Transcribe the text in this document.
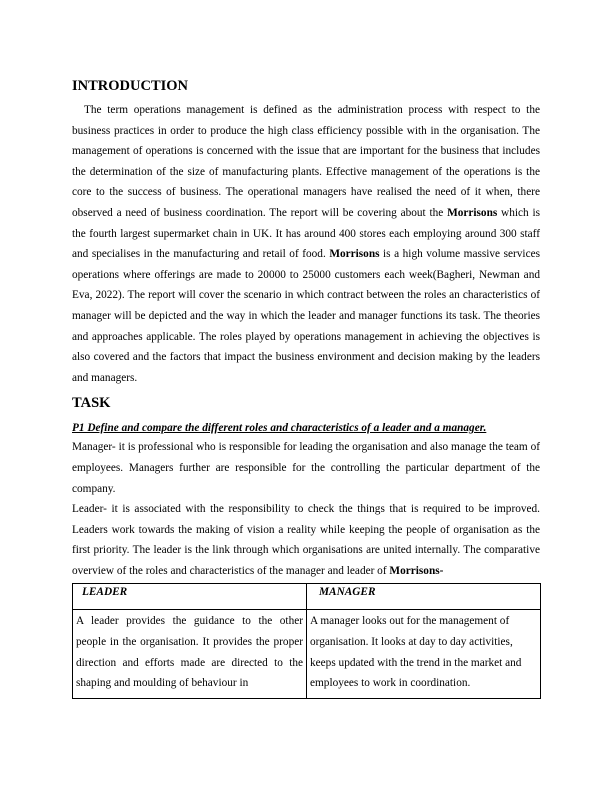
INTRODUCTION

The term operations management is defined as the administration process with respect to the business practices in order to produce the high class efficiency possible with in the organisation. The management of operations is concerned with the issue that are important for the business that includes the determination of the size of manufacturing plants. Effective management of the operations is the core to the success of business. The operational managers have realised the need of it when, there observed a need of business coordination. The report will be covering about the Morrisons which is the fourth largest supermarket chain in UK. It has around 400 stores each employing around 300 staff and specialises in the manufacturing and retail of food. Morrisons is a high volume massive services operations where offerings are made to 20000 to 25000 customers each week(Bagheri, Newman and Eva, 2022). The report will cover the scenario in which contract between the roles an characteristics of manager will be depicted and the way in which the leader and manager functions its task. The theories and approaches applicable. The roles played by operations management in achieving the objectives is also covered and the factors that impact the business environment and decision making by the leaders and managers.

TASK

P1 Define and compare the different roles and characteristics of a leader and a manager.

Manager- it is professional who is responsible for leading the organisation and also manage the team of employees. Managers further are responsible for the controlling the particular department of the company.

Leader- it is associated with the responsibility to check the things that is required to be improved. Leaders work towards the making of vision a reality while keeping the people of organisation as the first priority. The leader is the link through which organisations are united internally. The comparative overview of the roles and characteristics of the manager and leader of Morrisons-

LEADER	MANAGER

A leader provides the guidance to the other people in the organisation. It provides the proper direction and efforts made are directed to the shaping and moulding of behaviour in	A manager looks out for the management of organisation. It looks at day to day activities, keeps updated with the trend in the market and employees to work in coordination.
